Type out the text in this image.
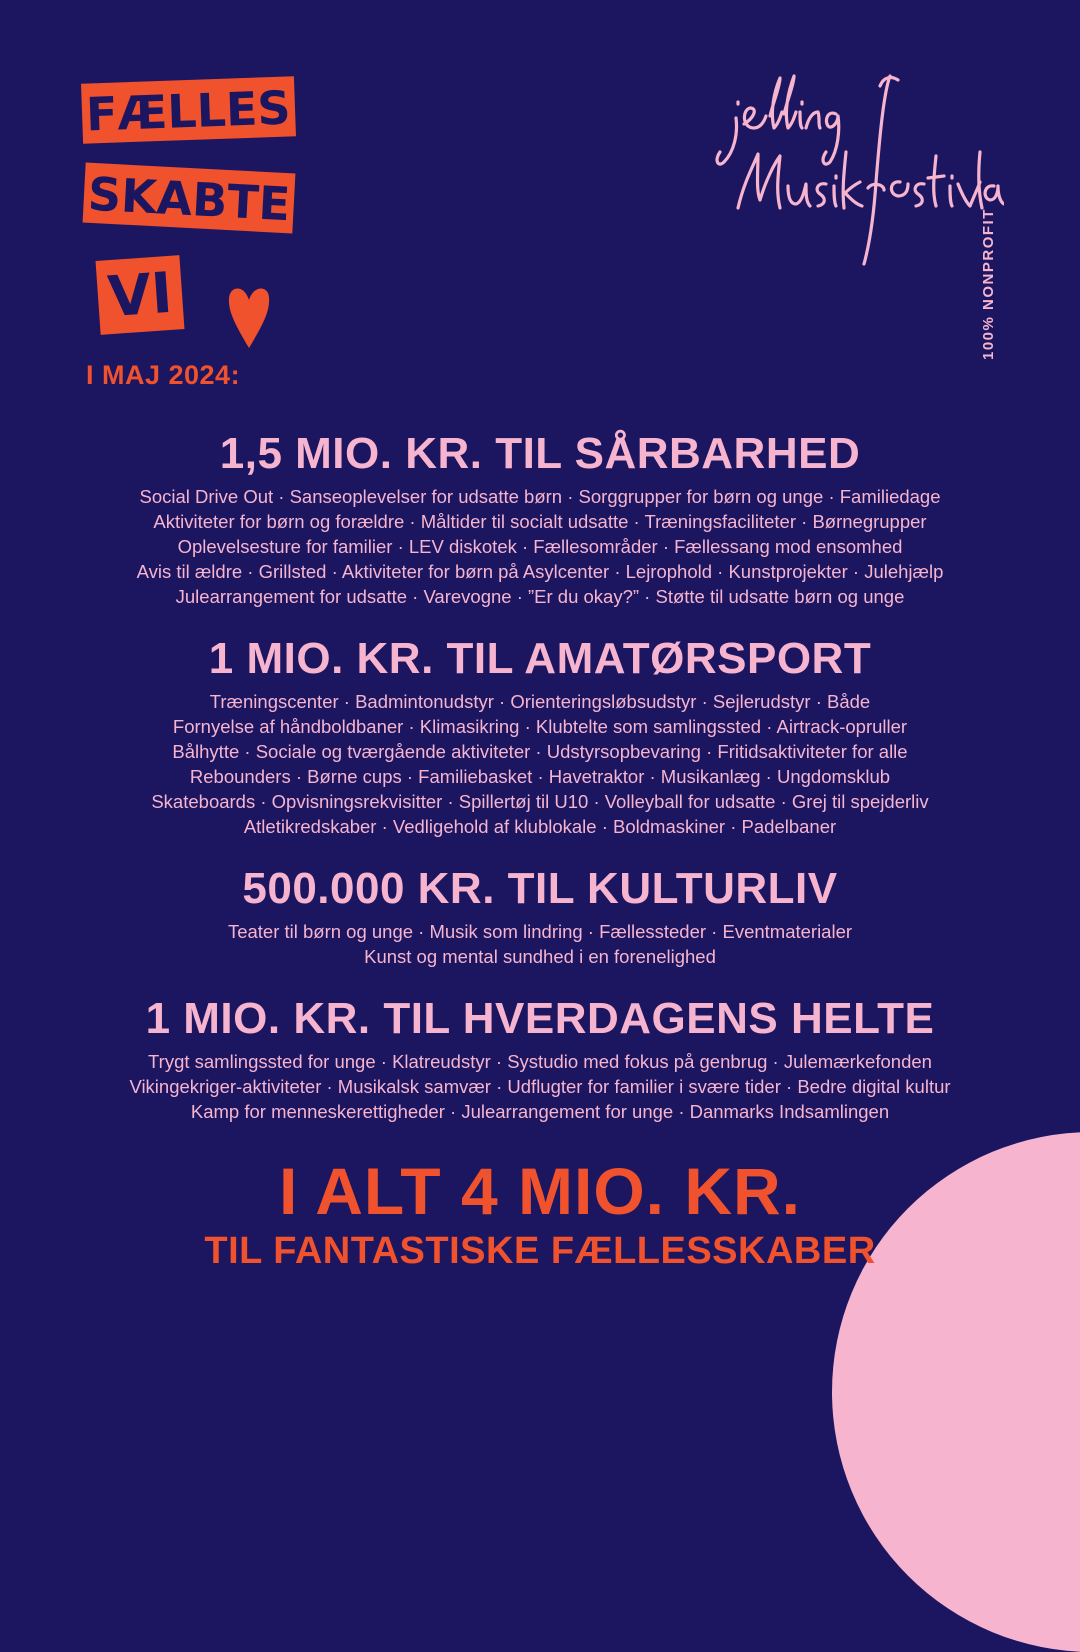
FÆLLES
SKABTE
VI
I MAJ 2024:
100% NONPROFIT
1,5 MIO. KR. TIL SÅRBARHED
Social Drive Out · Sanseoplevelser for udsatte børn · Sorggrupper for børn og unge · Familiedage
Aktiviteter for børn og forældre · Måltider til socialt udsatte · Træningsfaciliteter · Børnegrupper
Oplevelsesture for familier · LEV diskotek · Fællesområder · Fællessang mod ensomhed
Avis til ældre · Grillsted · Aktiviteter for børn på Asylcenter · Lejrophold · Kunstprojekter · Julehjælp
Julearrangement for udsatte · Varevogne · ”Er du okay?” · Støtte til udsatte børn og unge
1 MIO. KR. TIL AMATØRSPORT
Træningscenter · Badmintonudstyr · Orienteringsløbsudstyr · Sejlerudstyr · Både
Fornyelse af håndboldbaner · Klimasikring · Klubtelte som samlingssted · Airtrack-opruller
Bålhytte · Sociale og tværgående aktiviteter · Udstyrsopbevaring · Fritidsaktiviteter for alle
Rebounders · Børne cups · Familiebasket · Havetraktor · Musikanlæg · Ungdomsklub
Skateboards · Opvisningsrekvisitter · Spillertøj til U10 · Volleyball for udsatte · Grej til spejderliv
Atletikredskaber · Vedligehold af klublokale · Boldmaskiner · Padelbaner
500.000 KR. TIL KULTURLIV
Teater til børn og unge · Musik som lindring · Fællessteder · Eventmaterialer
Kunst og mental sundhed i en forenelighed
1 MIO. KR. TIL HVERDAGENS HELTE
Trygt samlingssted for unge · Klatreudstyr · Systudio med fokus på genbrug · Julemærkefonden
Vikingekriger-aktiviteter · Musikalsk samvær · Udflugter for familier i svære tider · Bedre digital kultur
Kamp for menneskerettigheder · Julearrangement for unge · Danmarks Indsamlingen
I ALT 4 MIO. KR.
TIL FANTASTISKE FÆLLESSKABER
